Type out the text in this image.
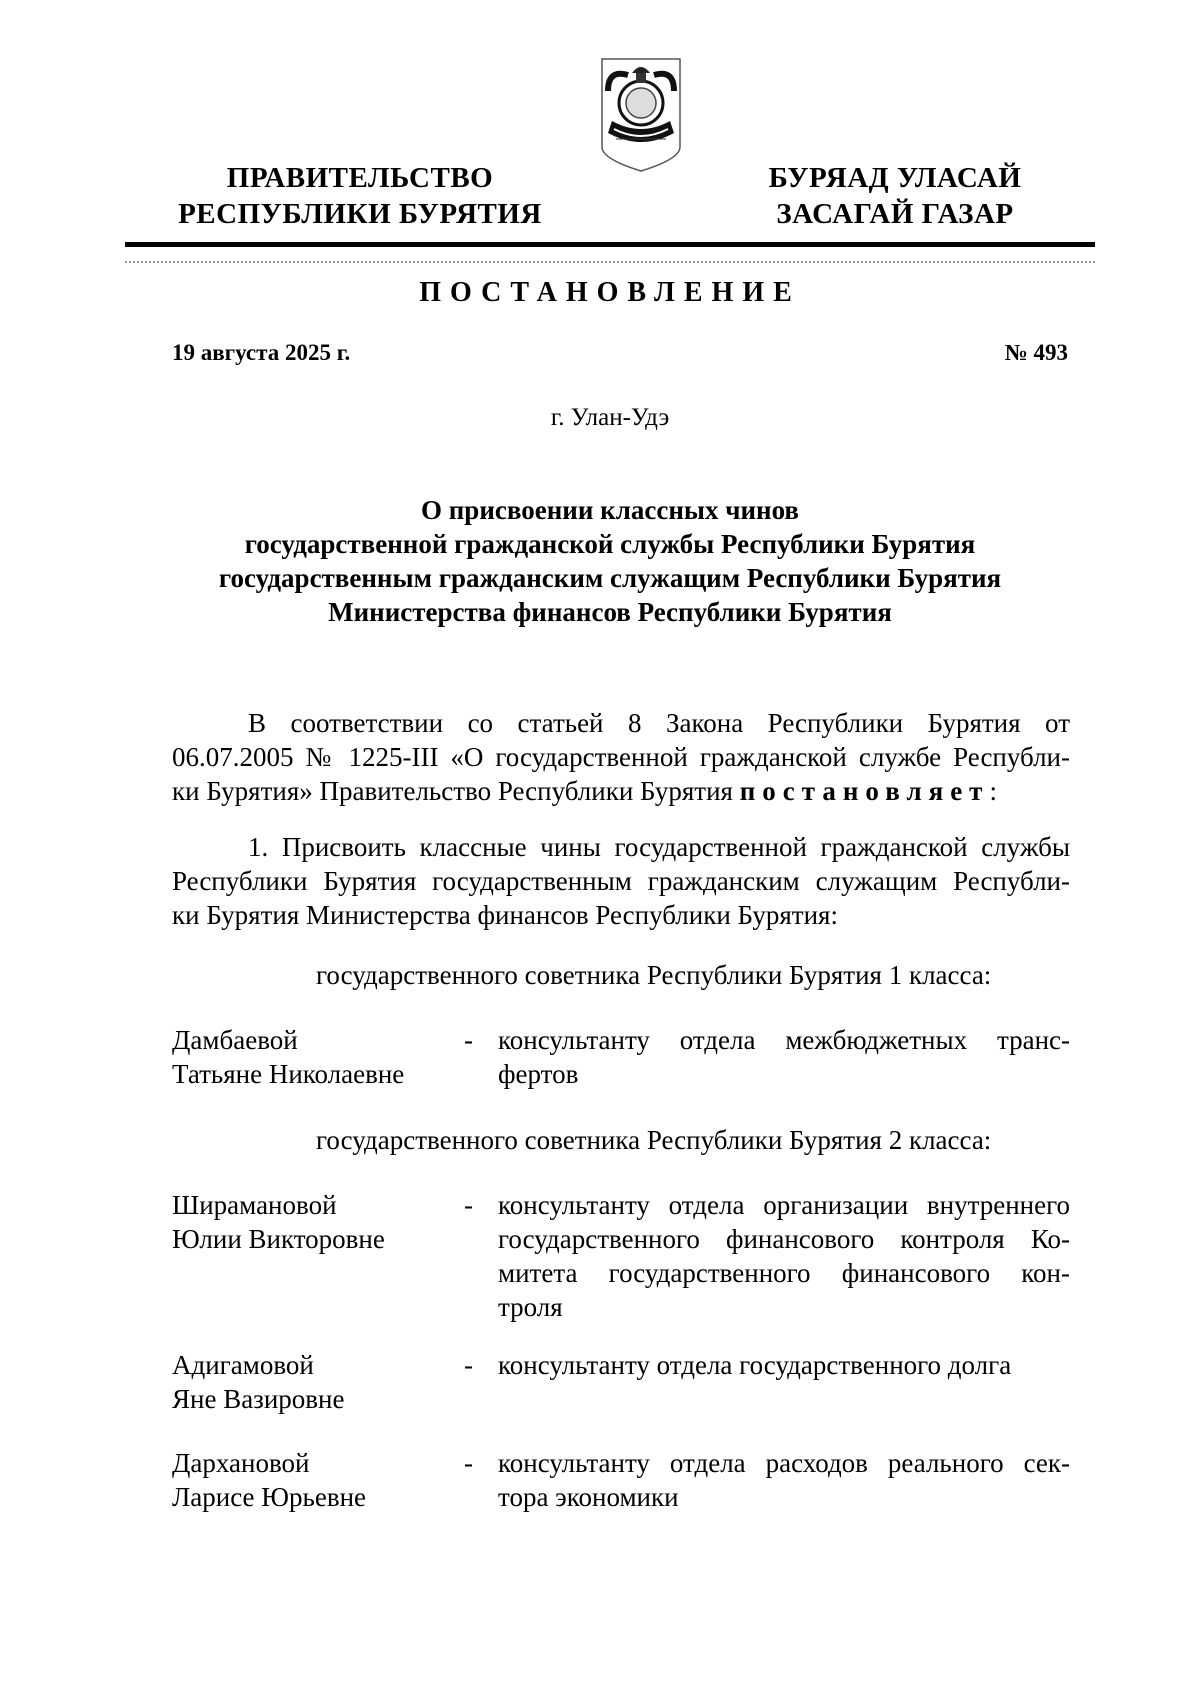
ПРАВИТЕЛЬСТВО
РЕСПУБЛИКИ БУРЯТИЯ
БУРЯАД УЛАСАЙ
ЗАСАГАЙ ГАЗАР
ПОСТАНОВЛЕНИЕ
19 августа 2025 г.	№ 493
г. Улан-Удэ
О присвоении классных чинов
государственной гражданской службы Республики Бурятия
государственным гражданским служащим Республики Бурятия
Министерства финансов Республики Бурятия
В соответствии со статьей 8 Закона Республики Бурятия от
06.07.2005 № 1225-III «О государственной гражданской службе Республи-
ки Бурятия» Правительство Республики Бурятия постановляет:
1. Присвоить классные чины государственной гражданской службы
Республики Бурятия государственным гражданским служащим Республи-
ки Бурятия Министерства финансов Республики Бурятия:
государственного советника Республики Бурятия 1 класса:
Дамбаевой
Татьяне Николаевне
- консультанту отдела межбюджетных транс-
фертов
государственного советника Республики Бурятия 2 класса:
Ширамановой
Юлии Викторовне
- консультанту отдела организации внутреннего
государственного финансового контроля Ко-
митета государственного финансового кон-
троля
Адигамовой
Яне Вазировне
- консультанту отдела государственного долга
Дархановой
Ларисе Юрьевне
- консультанту отдела расходов реального сек-
тора экономики
